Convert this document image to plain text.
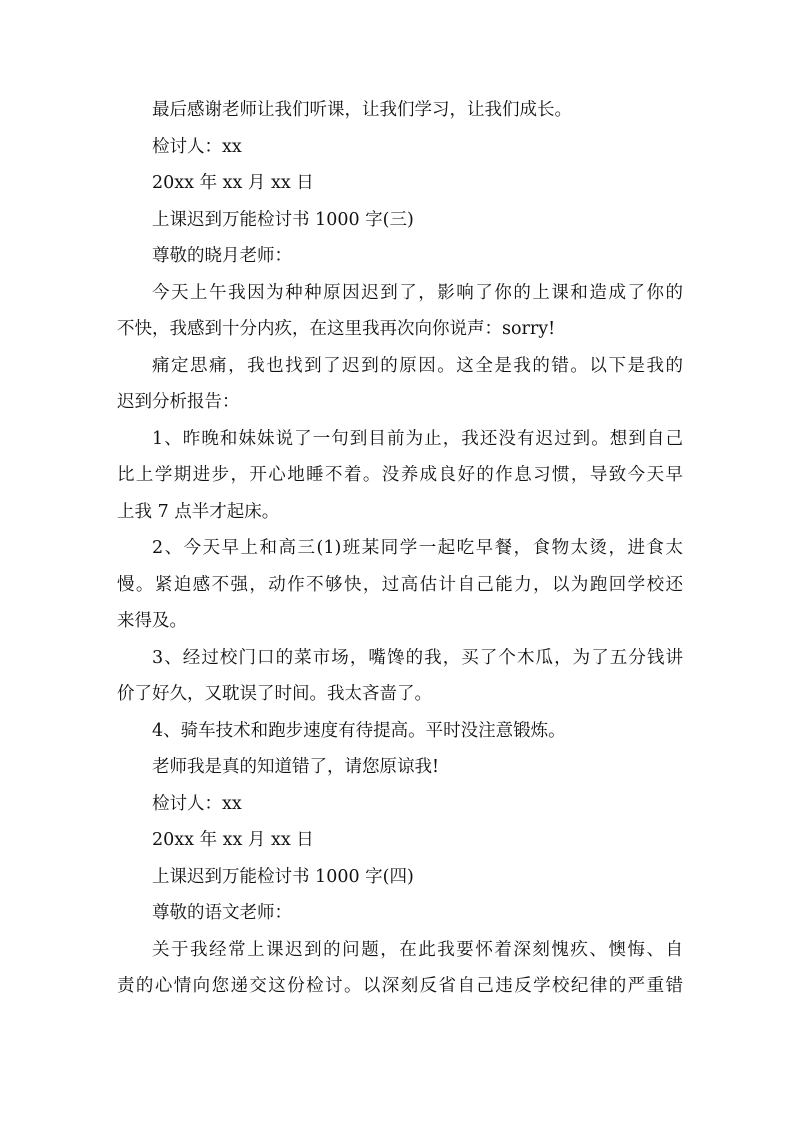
最后感谢老师让我们听课，让我们学习，让我们成长。

检讨人：xx

20xx 年 xx 月 xx 日

上课迟到万能检讨书 1000 字(三)

尊敬的晓月老师：

今天上午我因为种种原因迟到了，影响了你的上课和造成了你的

不快，我感到十分内疚，在这里我再次向你说声：sorry!

痛定思痛，我也找到了迟到的原因。这全是我的错。以下是我的

迟到分析报告：

1、昨晚和妹妹说了一句到目前为止，我还没有迟过到。想到自己

比上学期进步，开心地睡不着。没养成良好的作息习惯，导致今天早

上我 7 点半才起床。

2、今天早上和高三(1)班某同学一起吃早餐，食物太烫，进食太

慢。紧迫感不强，动作不够快，过高估计自己能力，以为跑回学校还

来得及。

3、经过校门口的菜市场，嘴馋的我，买了个木瓜，为了五分钱讲

价了好久，又耽误了时间。我太吝啬了。

4、骑车技术和跑步速度有待提高。平时没注意锻炼。

老师我是真的知道错了，请您原谅我!

检讨人：xx

20xx 年 xx 月 xx 日

上课迟到万能检讨书 1000 字(四)

尊敬的语文老师：

关于我经常上课迟到的问题，在此我要怀着深刻愧疚、懊悔、自

责的心情向您递交这份检讨。以深刻反省自己违反学校纪律的严重错
